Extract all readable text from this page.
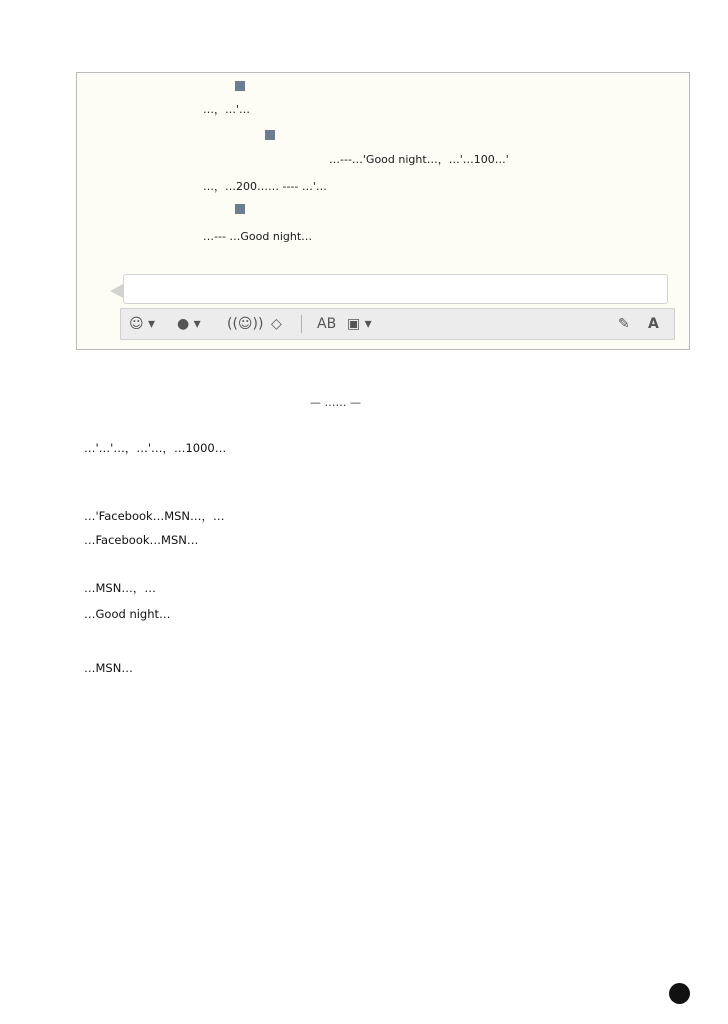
…，…'…
…---…'Good night…，…'…100…'
…，…200…… ---- …'…
…--- …Good night…
☺ ▾ ● ▾ ((☺)) ◇	AB ▣ ▾	✎ A
— …… —
…'…'…，…'…，…1000…
…'Facebook…MSN…，…
…Facebook…MSN…
…MSN…，…
…MSN…
…Good night…
